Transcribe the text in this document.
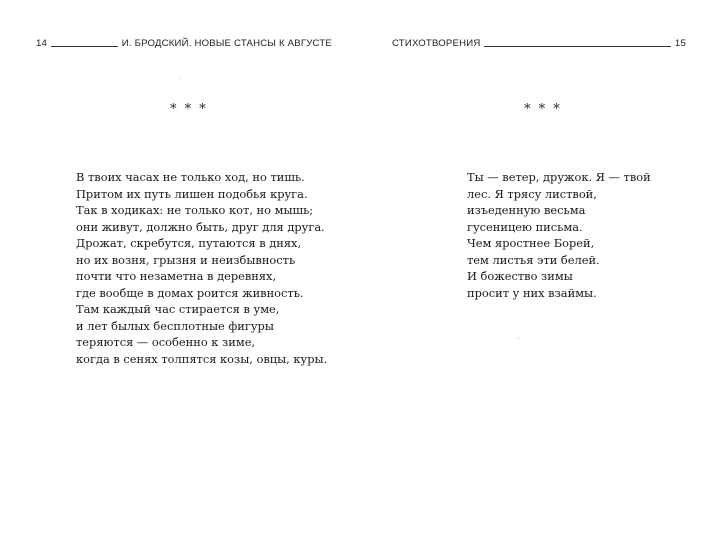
14	И. БРОДСКИЙ. НОВЫЕ СТАНСЫ К АВГУСТЕ
* * *
В твоих часах не только ход, но тишь.
Притом их путь лишен подобья круга.
Так в ходиках: не только кот, но мышь;
они живут, должно быть, друг для друга.
Дрожат, скребутся, путаются в днях,
но их возня, грызня и неизбывность
почти что незаметна в деревнях,
где вообще в домах роится живность.
Там каждый час стирается в уме,
и лет былых бесплотные фигуры
теряются — особенно к зиме,
когда в сенях толпятся козы, овцы, куры.
СТИХОТВОРЕНИЯ	15
* * *
Ты — ветер, дружок. Я — твой
лес. Я трясу листвой,
изъеденную весьма
гусеницею письма.
Чем яростнее Борей,
тем листья эти белей.
И божество зимы
просит у них взаймы.
